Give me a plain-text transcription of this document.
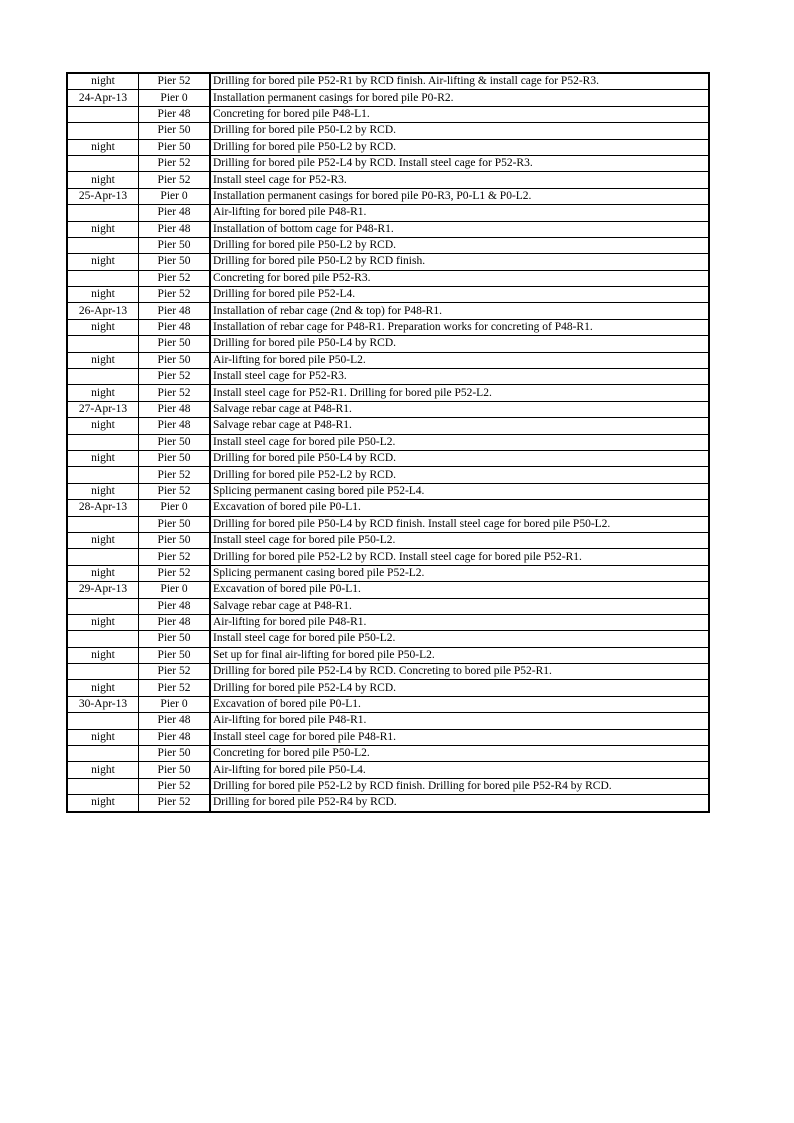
night	Pier 52	Drilling for bored pile P52-R1 by RCD finish. Air-lifting & install cage for P52-R3.
24-Apr-13	Pier 0	Installation permanent casings for bored pile P0-R2.
	Pier 48	Concreting for bored pile P48-L1.
	Pier 50	Drilling for bored pile P50-L2 by RCD.
night	Pier 50	Drilling for bored pile P50-L2 by RCD.
	Pier 52	Drilling for bored pile P52-L4 by RCD. Install steel cage for P52-R3.
night	Pier 52	Install steel cage for P52-R3.
25-Apr-13	Pier 0	Installation permanent casings for bored pile P0-R3, P0-L1 & P0-L2.
	Pier 48	Air-lifting for bored pile P48-R1.
night	Pier 48	Installation of bottom cage for P48-R1.
	Pier 50	Drilling for bored pile P50-L2 by RCD.
night	Pier 50	Drilling for bored pile P50-L2 by RCD finish.
	Pier 52	Concreting for bored pile P52-R3.
night	Pier 52	Drilling for bored pile P52-L4.
26-Apr-13	Pier 48	Installation of rebar cage (2nd & top) for P48-R1.
night	Pier 48	Installation of rebar cage for P48-R1. Preparation works for concreting of P48-R1.
	Pier 50	Drilling for bored pile P50-L4 by RCD.
night	Pier 50	Air-lifting for bored pile P50-L2.
	Pier 52	Install steel cage for P52-R3.
night	Pier 52	Install steel cage for P52-R1. Drilling for bored pile P52-L2.
27-Apr-13	Pier 48	Salvage rebar cage at P48-R1.
night	Pier 48	Salvage rebar cage at P48-R1.
	Pier 50	Install steel cage for bored pile P50-L2.
night	Pier 50	Drilling for bored pile P50-L4 by RCD.
	Pier 52	Drilling for bored pile P52-L2 by RCD.
night	Pier 52	Splicing permanent casing bored pile P52-L4.
28-Apr-13	Pier 0	Excavation of bored pile P0-L1.
	Pier 50	Drilling for bored pile P50-L4 by RCD finish. Install steel cage for bored pile P50-L2.
night	Pier 50	Install steel cage for bored pile P50-L2.
	Pier 52	Drilling for bored pile P52-L2 by RCD. Install steel cage for bored pile P52-R1.
night	Pier 52	Splicing permanent casing bored pile P52-L2.
29-Apr-13	Pier 0	Excavation of bored pile P0-L1.
	Pier 48	Salvage rebar cage at P48-R1.
night	Pier 48	Air-lifting for bored pile P48-R1.
	Pier 50	Install steel cage for bored pile P50-L2.
night	Pier 50	Set up for final air-lifting for bored pile P50-L2.
	Pier 52	Drilling for bored pile P52-L4 by RCD. Concreting to bored pile P52-R1.
night	Pier 52	Drilling for bored pile P52-L4 by RCD.
30-Apr-13	Pier 0	Excavation of bored pile P0-L1.
	Pier 48	Air-lifting for bored pile P48-R1.
night	Pier 48	Install steel cage for bored pile P48-R1.
	Pier 50	Concreting for bored pile P50-L2.
night	Pier 50	Air-lifting for bored pile P50-L4.
	Pier 52	Drilling for bored pile P52-L2 by RCD finish. Drilling for bored pile P52-R4 by RCD.
night	Pier 52	Drilling for bored pile P52-R4 by RCD.
